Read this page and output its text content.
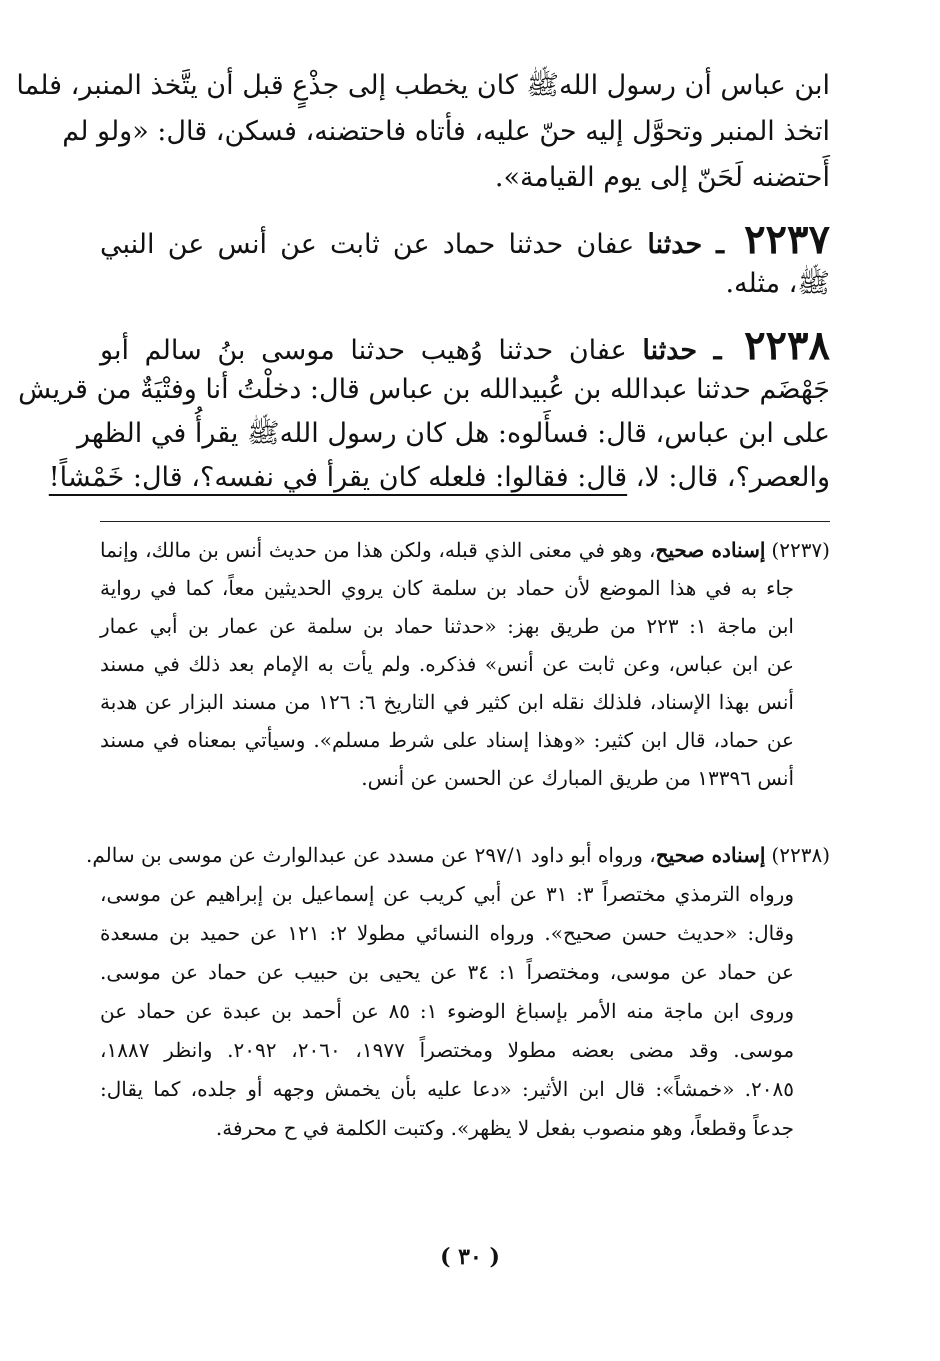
ابن عباس أن رسول اللهﷺ كان يخطب إلى جذْعٍ قبل أن يتَّخذ المنبر، فلما
اتخذ المنبر وتحوَّل إليه حنّ عليه، فأتاه فاحتضنه، فسكن، قال: «ولو لم
أَحتضنه لَحَنّ إلى يوم القيامة».
٢٢٣٧ ـ حدثنا عفان حدثنا حماد عن ثابت عن أنس عن النبي
ﷺ، مثله.
٢٢٣٨ ـ حدثنا عفان حدثنا وُهيب حدثنا موسى بنُ سالم أبو
جَهْضَم حدثنا عبدالله بن عُبيدالله بن عباس قال: دخلْتُ أنا وفتْيَةٌ من قريش
على ابن عباس، قال: فسأَلوه: هل كان رسول اللهﷺ يقرأُ في الظهر
والعصر؟، قال: لا، قال: فقالوا: فلعله كان يقرأ في نفسه؟، قال: خَمْشاً!
(٢٢٣٧)إسناده صحيح، وهو في معنى الذي قبله، ولكن هذا من حديث أنس بن مالك، وإنما
جاء به في هذا الموضع لأن حماد بن سلمة كان يروي الحديثين معاً، كما في رواية
ابن ماجة ١: ٢٢٣ من طريق بهز: «حدثنا حماد بن سلمة عن عمار بن أبي عمار
عن ابن عباس، وعن ثابت عن أنس» فذكره. ولم يأت به الإمام بعد ذلك في مسند
أنس بهذا الإسناد، فلذلك نقله ابن كثير في التاريخ ٦: ١٢٦ من مسند البزار عن هدبة
عن حماد، قال ابن كثير: «وهذا إسناد على شرط مسلم». وسيأتي بمعناه في مسند
أنس ١٣٣٩٦ من طريق المبارك عن الحسن عن أنس.
(٢٢٣٨)إسناده صحيح، ورواه أبو داود ٢٩٧/١ عن مسدد عن عبدالوارث عن موسى بن سالم.
ورواه الترمذي مختصراً ٣: ٣١ عن أبي كريب عن إسماعيل بن إبراهيم عن موسى،
وقال: «حديث حسن صحيح». ورواه النسائي مطولا ٢: ١٢١ عن حميد بن مسعدة
عن حماد عن موسى، ومختصراً ١: ٣٤ عن يحيى بن حبيب عن حماد عن موسى.
وروى ابن ماجة منه الأمر بإسباغ الوضوء ١: ٨٥ عن أحمد بن عبدة عن حماد عن
موسى. وقد مضى بعضه مطولا ومختصراً ١٩٧٧، ٢٠٦٠، ٢٠٩٢. وانظر ١٨٨٧،
٢٠٨٥. «خمشاً»: قال ابن الأثير: «دعا عليه بأن يخمش وجهه أو جلده، كما يقال:
جدعاً وقطعاً، وهو منصوب بفعل لا يظهر». وكتبت الكلمة في ح محرفة.
( ٣٠ )
